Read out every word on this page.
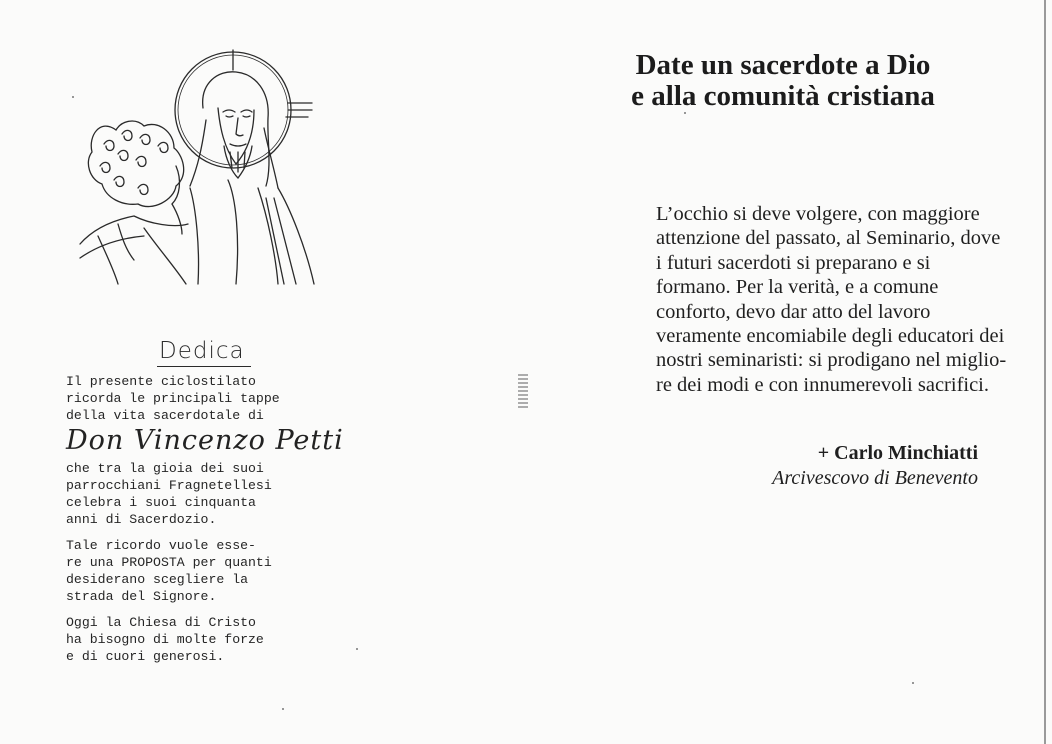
Dedica
Il presente ciclostilato
ricorda le principali tappe
della vita sacerdotale di
Don Vincenzo Petti
che tra la gioia dei suoi
parrocchiani Fragnetellesi
celebra i suoi cinquanta
anni di Sacerdozio.
Tale ricordo vuole esse-
re una PROPOSTA per quanti
desiderano scegliere la
strada del Signore.
Oggi la Chiesa di Cristo
ha bisogno di molte forze
e di cuori generosi.
Date un sacerdote a Dio
e alla comunità cristiana
L’occhio si deve volgere, con maggiore
attenzione del passato, al Seminario, dove
i futuri sacerdoti si preparano e si
formano. Per la verità, e a comune
conforto, devo dar atto del lavoro
veramente encomiabile degli educatori dei
nostri seminaristi: si prodigano nel miglio-
re dei modi e con innumerevoli sacrifici.
+ Carlo Minchiatti
Arcivescovo di Benevento
